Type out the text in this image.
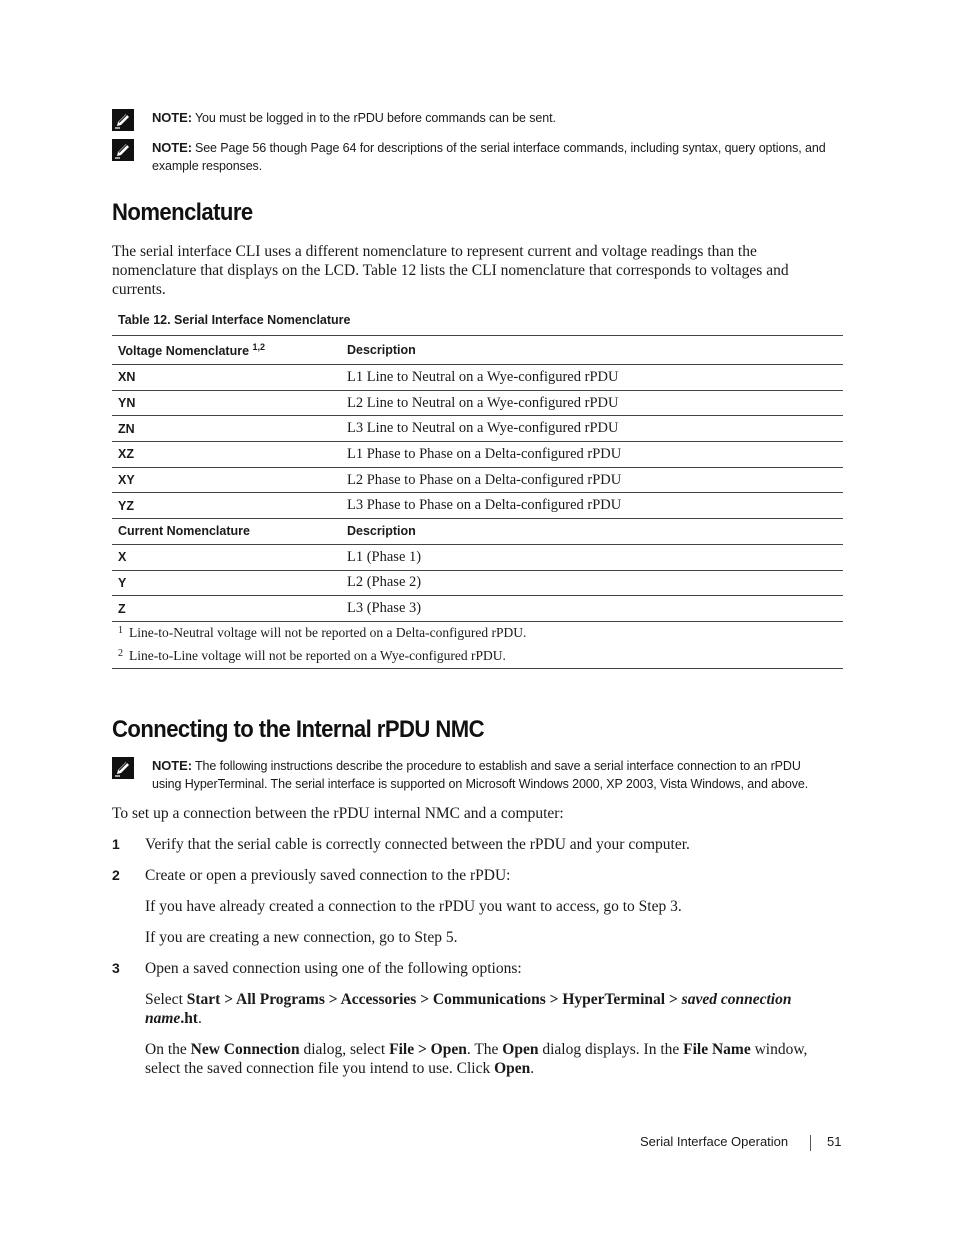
NOTE: You must be logged in to the rPDU before commands can be sent.
NOTE: See Page 56 though Page 64 for descriptions of the serial interface commands, including syntax, query options, and example responses.
Nomenclature

The serial interface CLI uses a different nomenclature to represent current and voltage readings than the nomenclature that displays on the LCD. Table 12 lists the CLI nomenclature that corresponds to voltages and currents.

Table 12. Serial Interface Nomenclature
Voltage Nomenclature $^{1,2}$	Description
XN	L1 Line to Neutral on a Wye-configured rPDU
YN	L2 Line to Neutral on a Wye-configured rPDU
ZN	L3 Line to Neutral on a Wye-configured rPDU
XZ	L1 Phase to Phase on a Delta-configured rPDU
XY	L2 Phase to Phase on a Delta-configured rPDU
YZ	L3 Phase to Phase on a Delta-configured rPDU
Current Nomenclature	Description
X	L1 (Phase 1)
Y	L2 (Phase 2)
Z	L3 (Phase 3)
$^1$ Line-to-Neutral voltage will not be reported on a Delta-configured rPDU.	
$^2$ Line-to-Line voltage will not be reported on a Wye-configured rPDU.	
Connecting to the Internal rPDU NMC
NOTE: The following instructions describe the procedure to establish and save a serial interface connection to an rPDU using HyperTerminal. The serial interface is supported on Microsoft Windows 2000, XP 2003, Vista Windows, and above.

To set up a connection between the rPDU internal NMC and a computer:

1 Verify that the serial cable is correctly connected between the rPDU and your computer.
2 Create or open a previously saved connection to the rPDU:
If you have already created a connection to the rPDU you want to access, go to Step 3.
If you are creating a new connection, go to Step 5.
3 Open a saved connection using one of the following options:
Select Start > All Programs > Accessories > Communications > HyperTerminal > saved connection name.ht.
On the New Connection dialog, select File > Open. The Open dialog displays. In the File Name window, select the saved connection file you intend to use. Click Open.
Serial Interface Operation	51
